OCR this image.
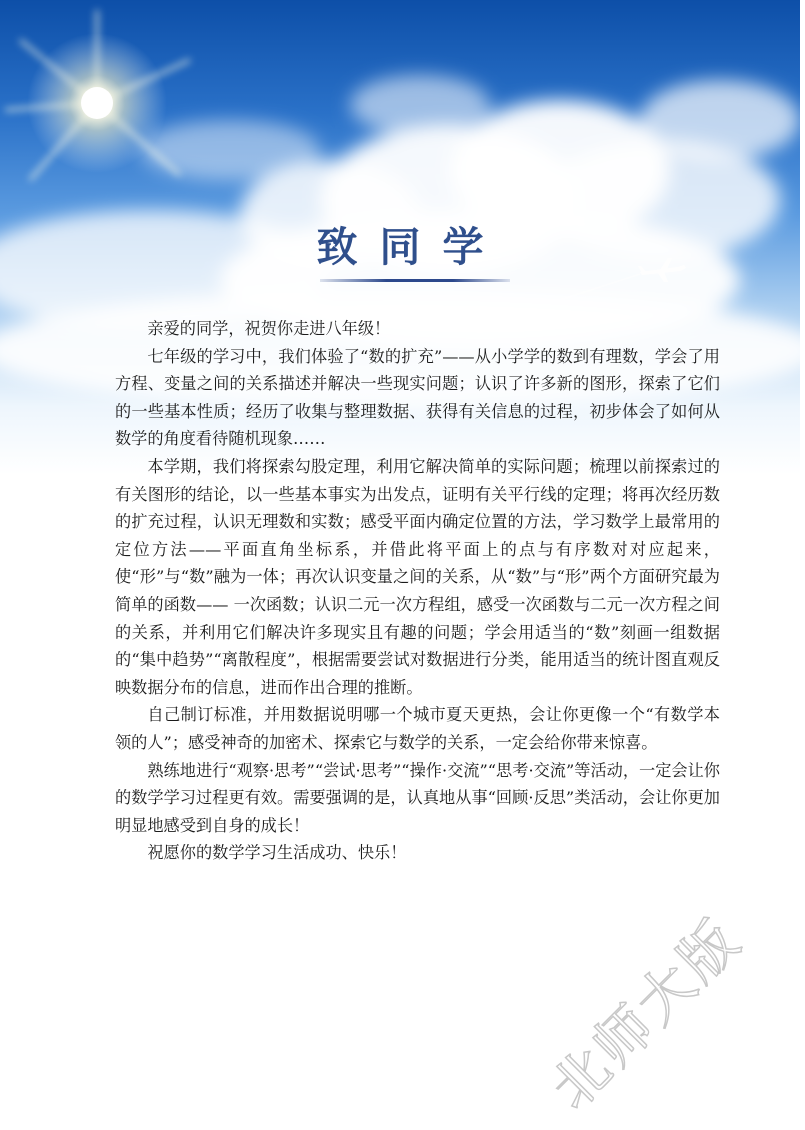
致同学

亲爱的同学，祝贺你走进八年级！

七年级的学习中，我们体验了“数的扩充”——从小学学的数到有理数，学会了用方程、变量之间的关系描述并解决一些现实问题；认识了许多新的图形，探索了它们的一些基本性质；经历了收集与整理数据、获得有关信息的过程，初步体会了如何从数学的角度看待随机现象……

本学期，我们将探索勾股定理，利用它解决简单的实际问题；梳理以前探索过的有关图形的结论，以一些基本事实为出发点，证明有关平行线的定理；将再次经历数的扩充过程，认识无理数和实数；感受平面内确定位置的方法，学习数学上最常用的定位方法——平面直角坐标系，并借此将平面上的点与有序数对对应起来，使“形”与“数”融为一体；再次认识变量之间的关系，从“数”与“形”两个方面研究最为简单的函数—— 一次函数；认识二元一次方程组，感受一次函数与二元一次方程之间的关系，并利用它们解决许多现实且有趣的问题；学会用适当的“数”刻画一组数据的“集中趋势”“离散程度”，根据需要尝试对数据进行分类，能用适当的统计图直观反映数据分布的信息，进而作出合理的推断。

自己制订标准，并用数据说明哪一个城市夏天更热，会让你更像一个“有数学本领的人”；感受神奇的加密术、探索它与数学的关系，一定会给你带来惊喜。

熟练地进行“观察·思考”“尝试·思考”“操作·交流”“思考·交流”等活动，一定会让你的数学学习过程更有效。需要强调的是，认真地从事“回顾·反思”类活动，会让你更加明显地感受到自身的成长！

祝愿你的数学学习生活成功、快乐！

北师大版
